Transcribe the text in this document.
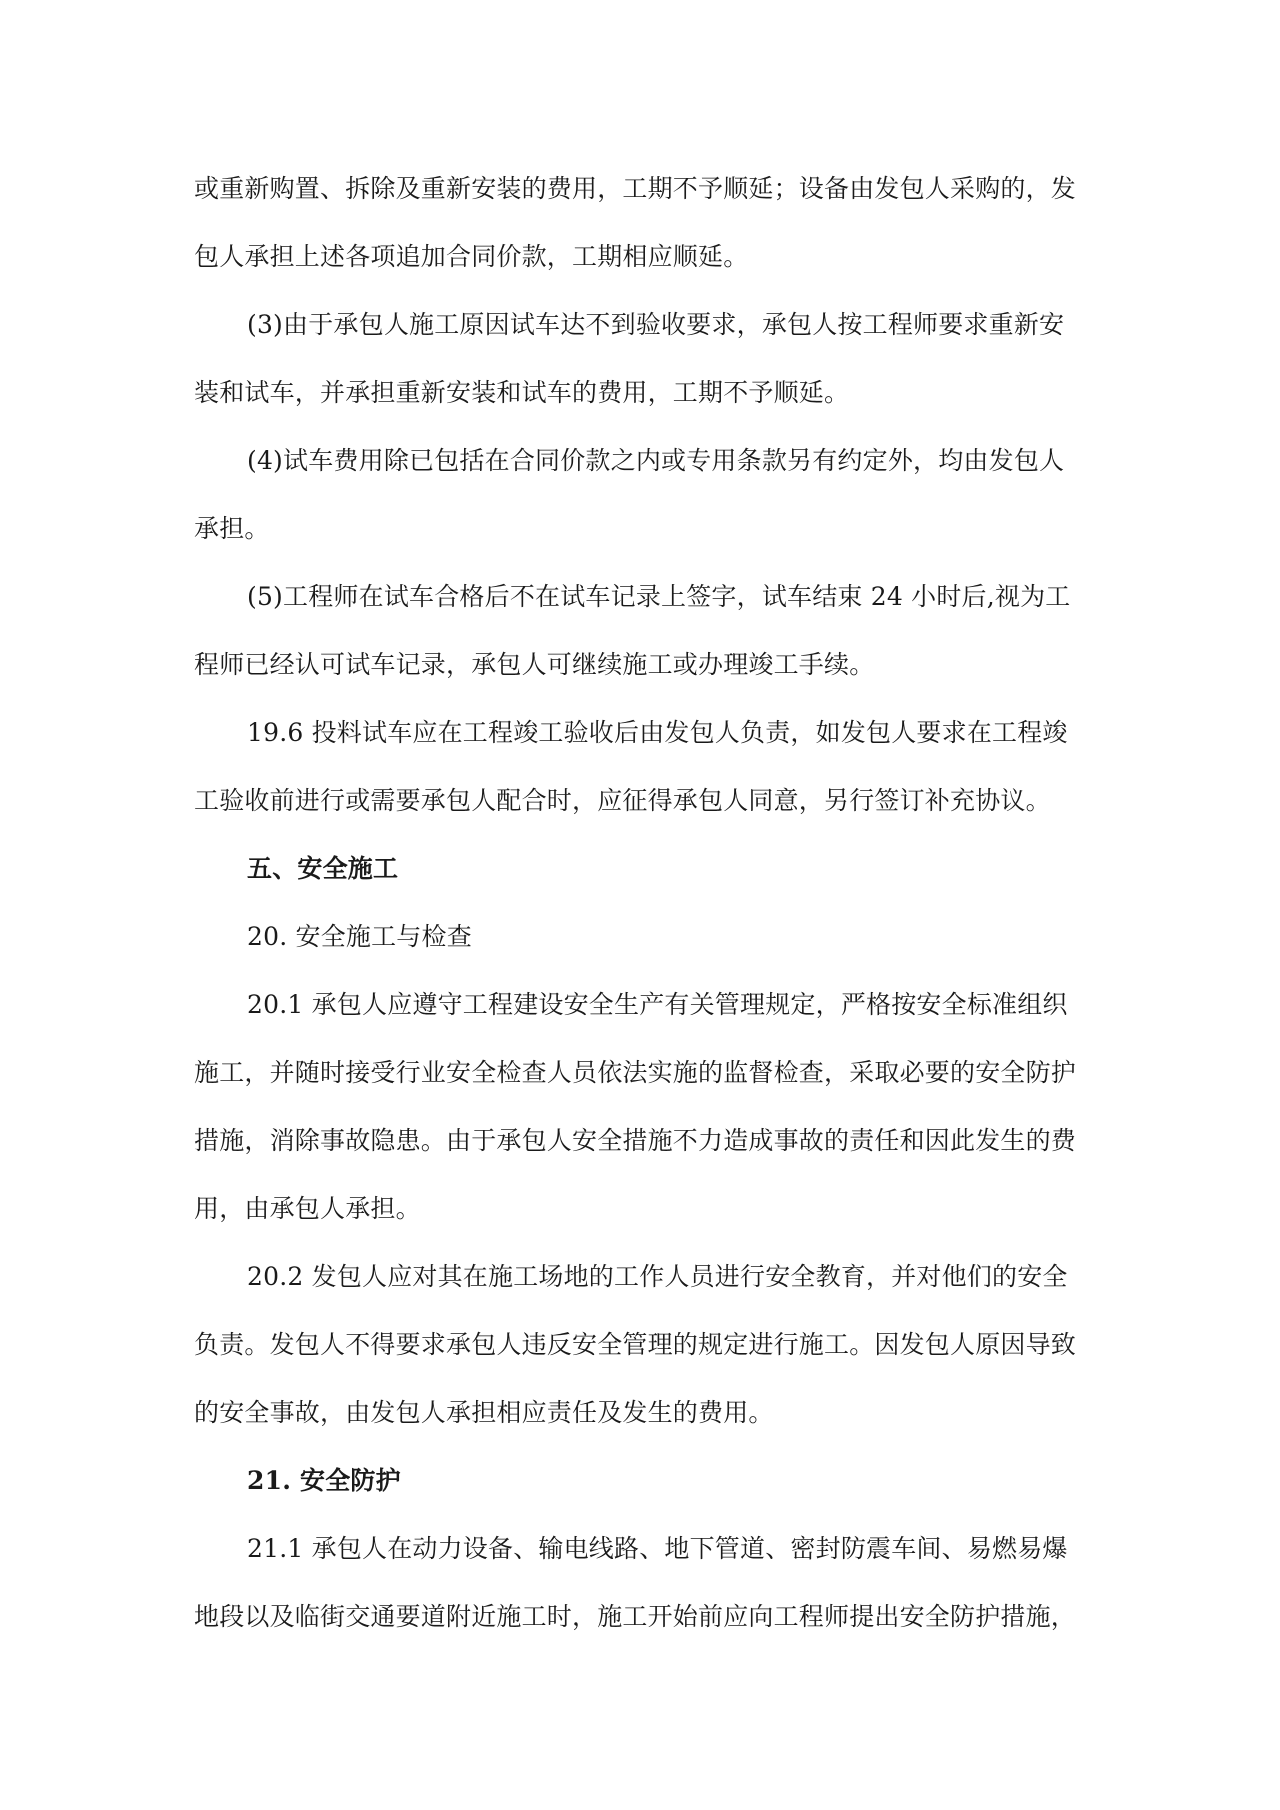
或重新购置、拆除及重新安装的费用，工期不予顺延；设备由发包人采购的，发

包人承担上述各项追加合同价款，工期相应顺延。

(3)由于承包人施工原因试车达不到验收要求，承包人按工程师要求重新安

装和试车，并承担重新安装和试车的费用，工期不予顺延。

(4)试车费用除已包括在合同价款之内或专用条款另有约定外，均由发包人

承担。

(5)工程师在试车合格后不在试车记录上签字，试车结束 24 小时后,视为工

程师已经认可试车记录，承包人可继续施工或办理竣工手续。

19.6 投料试车应在工程竣工验收后由发包人负责，如发包人要求在工程竣

工验收前进行或需要承包人配合时，应征得承包人同意，另行签订补充协议。

五、安全施工

20. 安全施工与检查

20.1 承包人应遵守工程建设安全生产有关管理规定，严格按安全标准组织

施工，并随时接受行业安全检查人员依法实施的监督检查，采取必要的安全防护

措施，消除事故隐患。由于承包人安全措施不力造成事故的责任和因此发生的费

用，由承包人承担。

20.2 发包人应对其在施工场地的工作人员进行安全教育，并对他们的安全

负责。发包人不得要求承包人违反安全管理的规定进行施工。因发包人原因导致

的安全事故，由发包人承担相应责任及发生的费用。

21. 安全防护

21.1 承包人在动力设备、输电线路、地下管道、密封防震车间、易燃易爆

地段以及临街交通要道附近施工时，施工开始前应向工程师提出安全防护措施，
